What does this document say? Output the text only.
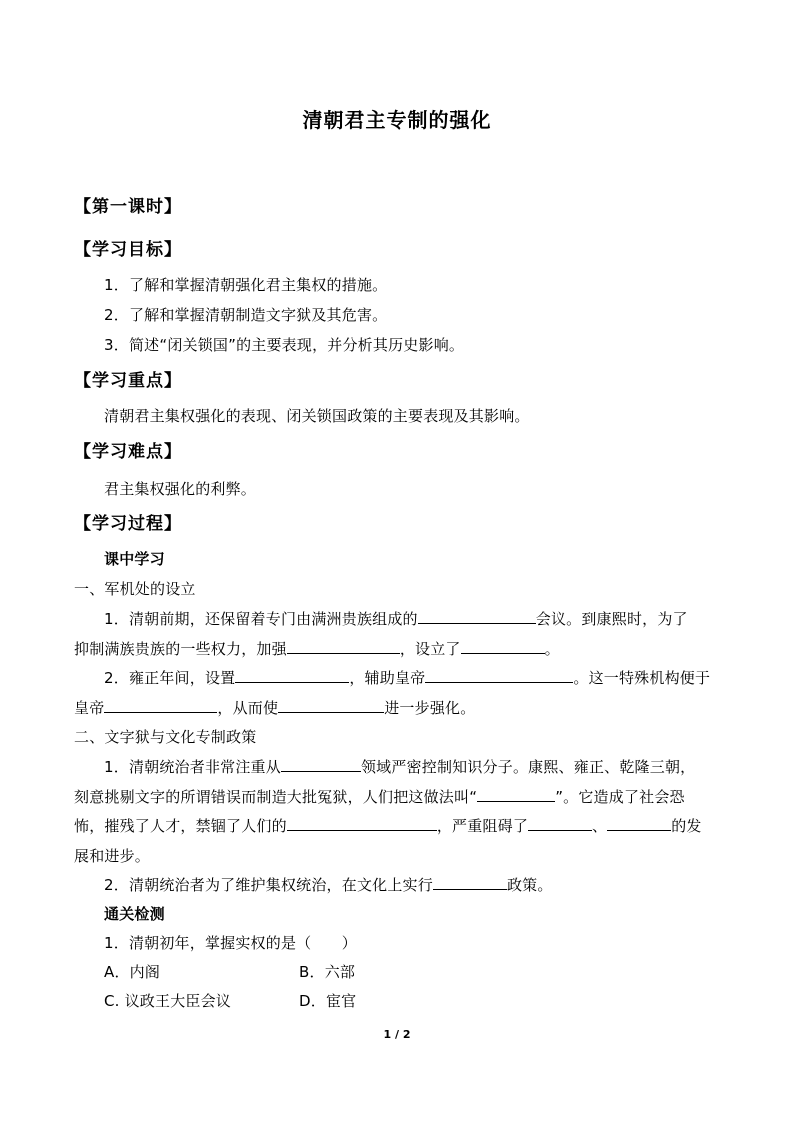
清朝君主专制的强化
【第一课时】
【学习目标】
1．了解和掌握清朝强化君主集权的措施。
2．了解和掌握清朝制造文字狱及其危害。
3．简述“闭关锁国”的主要表现，并分析其历史影响。
【学习重点】
清朝君主集权强化的表现、闭关锁国政策的主要表现及其影响。
【学习难点】
君主集权强化的利弊。
【学习过程】
课中学习
一、军机处的设立
1．清朝前期，还保留着专门由满洲贵族组成的	会议。到康熙时，为了
抑制满族贵族的一些权力，加强	，设立了	。
2．雍正年间，设置	，辅助皇帝	。这一特殊机构便于
皇帝	，从而使	进一步强化。
二、文字狱与文化专制政策
1．清朝统治者非常注重从	领域严密控制知识分子。康熙、雍正、乾隆三朝，
刻意挑剔文字的所谓错误而制造大批冤狱，人们把这做法叫“	”。它造成了社会恐
怖，摧残了人才，禁锢了人们的	，严重阻碍了	、	的发
展和进步。
2．清朝统治者为了维护集权统治，在文化上实行	政策。
通关检测
1．清朝初年，掌握实权的是（　　）
A．内阁	B．六部
C. 议政王大臣会议	D．宦官
1 / 2
